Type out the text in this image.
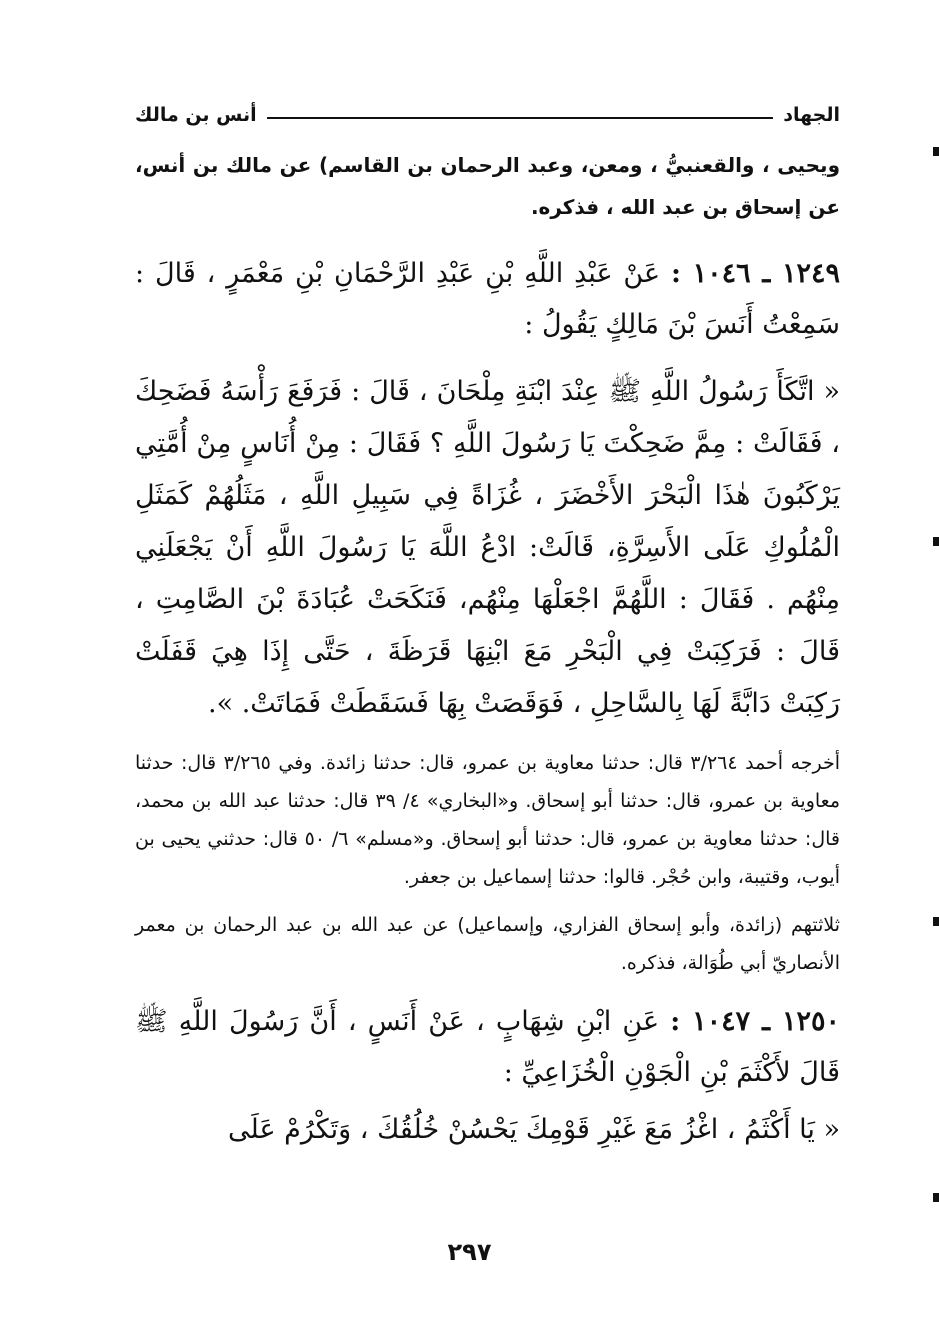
الجهاد
أنس بن مالك

ويحيى ، والقعنبيُّ ، ومعن، وعبد الرحمان بن القاسم) عن مالك بن أنس، عن إسحاق بن عبد الله ، فذكره.

١٢٤٩ ـ ١٠٤٦ : عَنْ عَبْدِ اللَّهِ بْنِ عَبْدِ الرَّحْمَانِ بْنِ مَعْمَرٍ ، قَالَ : سَمِعْتُ أَنَسَ بْنَ مَالِكٍ يَقُولُ :
« اتَّكَأَ رَسُولُ اللَّهِ ﷺ عِنْدَ ابْنَةِ مِلْحَانَ ، قَالَ : فَرَفَعَ رَأْسَهُ فَضَحِكَ ، فَقَالَتْ : مِمَّ ضَحِكْتَ يَا رَسُولَ اللَّهِ ؟ فَقَالَ : مِنْ أُنَاسٍ مِنْ أُمَّتِي يَرْكَبُونَ هٰذَا الْبَحْرَ الأَخْضَرَ ، غُزَاةً فِي سَبِيلِ اللَّهِ ، مَثَلُهُمْ كَمَثَلِ الْمُلُوكِ عَلَى الأَسِرَّةِ، قَالَتْ: ادْعُ اللَّهَ يَا رَسُولَ اللَّهِ أَنْ يَجْعَلَنِي مِنْهُم . فَقَالَ : اللَّهُمَّ اجْعَلْهَا مِنْهُم، فَنَكَحَتْ عُبَادَةَ بْنَ الصَّامِتِ ، قَالَ : فَرَكِبَتْ فِي الْبَحْرِ مَعَ ابْنِهَا قَرَظَةَ ، حَتَّى إِذَا هِيَ قَفَلَتْ رَكِبَتْ دَابَّةً لَهَا بِالسَّاحِلِ ، فَوَقَصَتْ بِهَا فَسَقَطَتْ فَمَاتَتْ. ».
أخرجه أحمد ٣/٢٦٤ قال: حدثنا معاوية بن عمرو، قال: حدثنا زائدة. وفي ٣/٢٦٥ قال: حدثنا معاوية بن عمرو، قال: حدثنا أبو إسحاق. و«البخاري» ٤/ ٣٩ قال: حدثنا عبد الله بن محمد، قال: حدثنا معاوية بن عمرو، قال: حدثنا أبو إسحاق. و«مسلم» ٦/ ٥٠ قال: حدثني يحيى بن أيوب، وقتيبة، وابن حُجْر. قالوا: حدثنا إسماعيل بن جعفر.
ثلاثتهم (زائدة، وأبو إسحاق الفزاري، وإسماعيل) عن عبد الله بن عبد الرحمان بن معمر الأنصاريّ أبي طُوَالة، فذكره.
١٢٥٠ ـ ١٠٤٧ : عَنِ ابْنِ شِهَابٍ ، عَنْ أَنَسٍ ، أَنَّ رَسُولَ اللَّهِ ﷺ قَالَ لأَكْثَمَ بْنِ الْجَوْنِ الْخُزَاعِيِّ :
« يَا أَكْثَمُ ، اغْزُ مَعَ غَيْرِ قَوْمِكَ يَحْسُنْ خُلُقُكَ ، وَتَكْرُمْ عَلَى
٢٩٧
